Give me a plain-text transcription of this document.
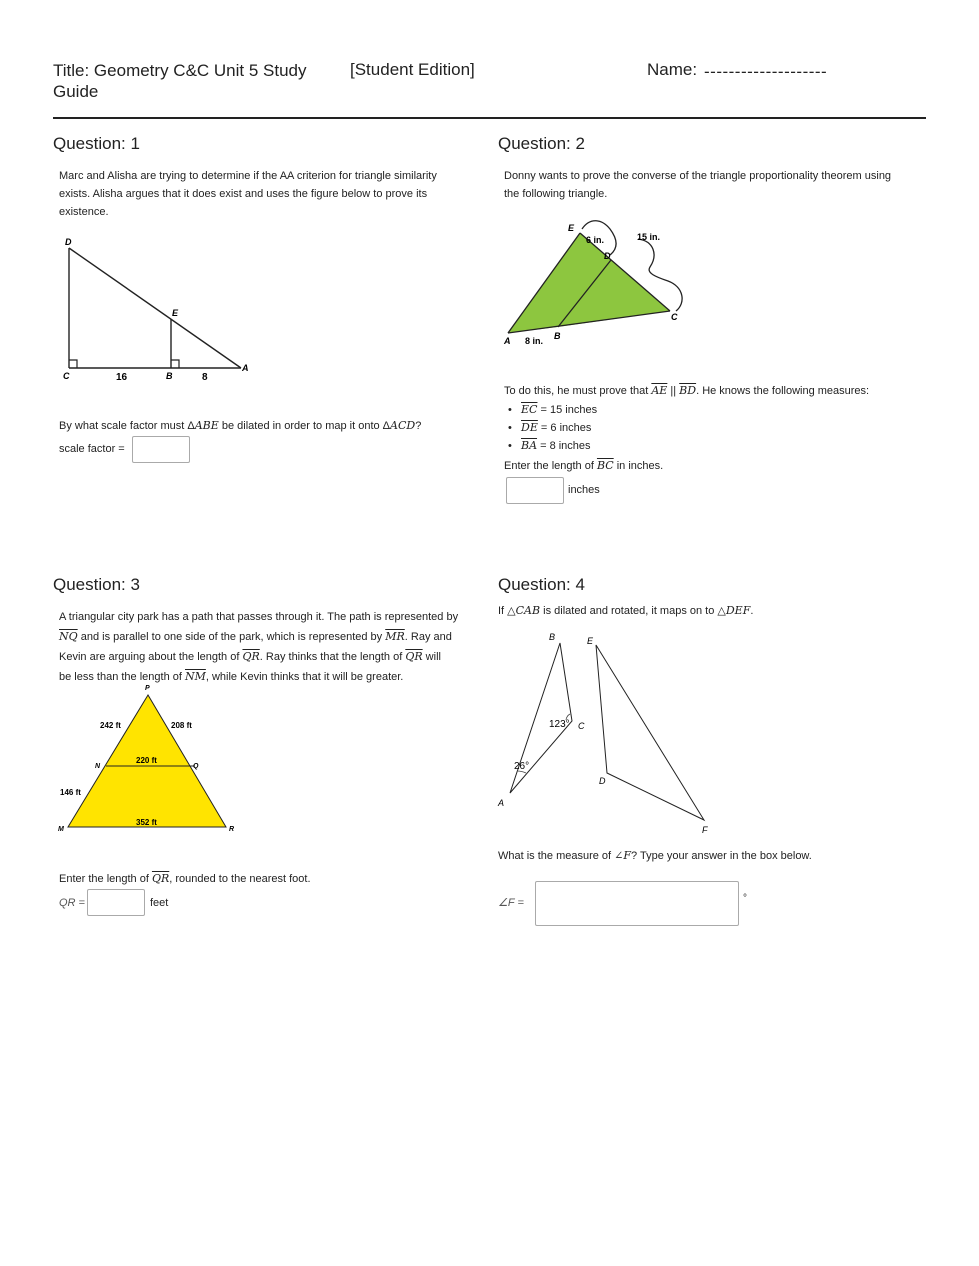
Title: Geometry C&C Unit 5 Study
Guide
[Student Edition]	Name: --------------------
Question: 1
Marc and Alisha are trying to determine if the AA criterion for triangle similarity
exists. Alisha argues that it does exist and uses the figure below to prove its
existence.
D
E
C	B
A
16	8
By what scale factor must ΔABE be dilated in order to map it onto ΔACD?
scale factor =
Question: 2
Donny wants to prove the converse of the triangle proportionality theorem using
the following triangle.
E
D
C
A	B
6 in.	15 in.
8 in.
To do this, he must prove that $\overline{AE}$ || $\overline{BD}$. He knows the following measures:
• $\overline{EC} = 15$ inches
• $\overline{DE} = 6$ inches
• $\overline{BA} = 8$ inches
Enter the length of $\overline{BC}$ in inches.
inches
Question: 3
A triangular city park has a path that passes through it. The path is represented by
$\overline{NQ}$ and is parallel to one side of the park, which is represented by $\overline{MR}$. Ray and
Kevin are arguing about the length of $\overline{QR}$. Ray thinks that the length of $\overline{QR}$ will
be less than the length of $\overline{NM}$, while Kevin thinks that it will be greater.
P
N	Q
M	R
242 ft	208 ft
220 ft
146 ft
352 ft
Enter the length of $\overline{QR}$, rounded to the nearest foot.
QR =	feet
Question: 4
If △CAB is dilated and rotated, it maps on to △DEF.
B	E
C
A
D
F
123°
26°
What is the measure of ∠F? Type your answer in the box below.
∠F =	°
